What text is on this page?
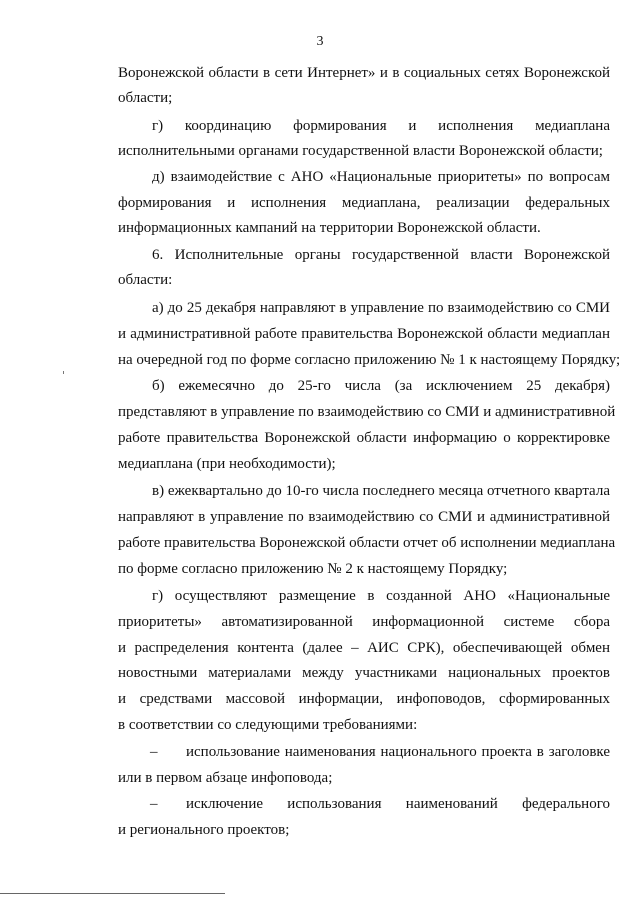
3
Воронежской области в сети Интернет» и в социальных сетях Воронежской
области;
г) координацию формирования и исполнения медиаплана
исполнительными органами государственной власти Воронежской области;
д) взаимодействие с АНО «Национальные приоритеты» по вопросам
формирования и исполнения медиаплана, реализации федеральных
информационных кампаний на территории Воронежской области.
6. Исполнительные органы государственной власти Воронежской
области:
а) до 25 декабря направляют в управление по взаимодействию со СМИ
и административной работе правительства Воронежской области медиаплан
на очередной год по форме согласно приложению № 1 к настоящему Порядку;
б) ежемесячно до 25-го числа (за исключением 25 декабря)
представляют в управление по взаимодействию со СМИ и административной
работе правительства Воронежской области информацию о корректировке
медиаплана (при необходимости);
в) ежеквартально до 10-го числа последнего месяца отчетного квартала
направляют в управление по взаимодействию со СМИ и административной
работе правительства Воронежской области отчет об исполнении медиаплана
по форме согласно приложению № 2 к настоящему Порядку;
г) осуществляют размещение в созданной АНО «Национальные
приоритеты» автоматизированной информационной системе сбора
и распределения контента (далее – АИС СРК), обеспечивающей обмен
новостными материалами между участниками национальных проектов
и средствами массовой информации, инфоповодов, сформированных
в соответствии со следующими требованиями:
– использование наименования национального проекта в заголовке
или в первом абзаце инфоповода;
– исключение использования наименований федерального
и регионального проектов;
